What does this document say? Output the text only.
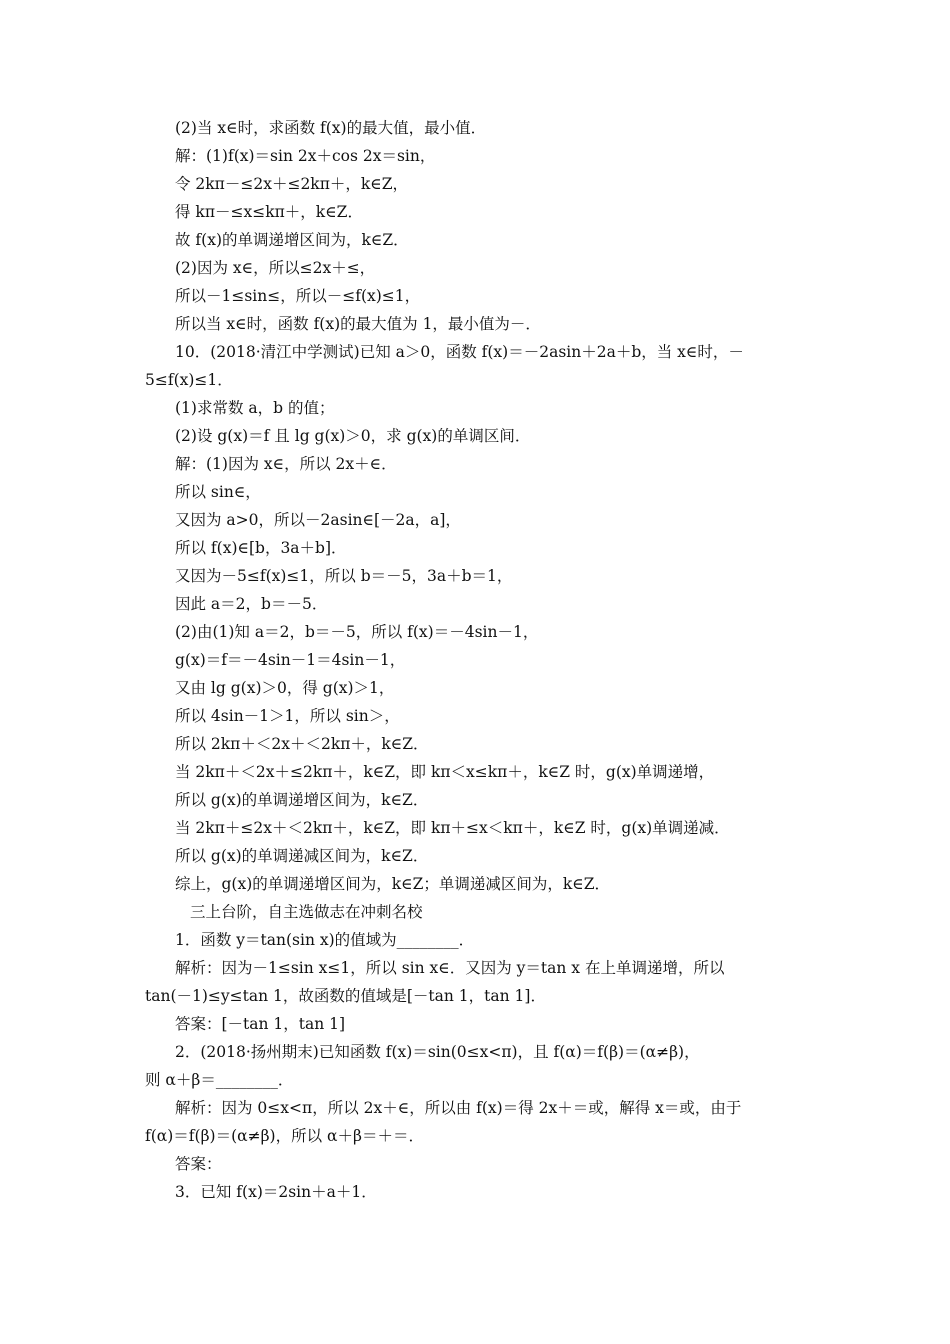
(2)当 x∈时，求函数 f(x)的最大值，最小值．
解：(1)f(x)＝sin 2x＋cos 2x＝sin，
令 2kπ－≤2x＋≤2kπ＋，k∈Z，
得 kπ－≤x≤kπ＋，k∈Z．
故 f(x)的单调递增区间为，k∈Z．
(2)因为 x∈，所以≤2x＋≤，
所以－1≤sin≤，所以－≤f(x)≤1，
所以当 x∈时，函数 f(x)的最大值为 1，最小值为－．
10．(2018·清江中学测试)已知 a＞0，函数 f(x)＝－2asin＋2a＋b，当 x∈时，－
5≤f(x)≤1．
(1)求常数 a，b 的值；
(2)设 g(x)＝f 且 lg g(x)＞0，求 g(x)的单调区间．
解：(1)因为 x∈，所以 2x＋∈．
所以 sin∈，
又因为 a>0，所以－2asin∈[－2a，a]，
所以 f(x)∈[b，3a＋b]．
又因为－5≤f(x)≤1，所以 b＝－5，3a＋b＝1，
因此 a＝2，b＝－5．
(2)由(1)知 a＝2，b＝－5，所以 f(x)＝－4sin－1，
g(x)＝f＝－4sin－1＝4sin－1，
又由 lg g(x)＞0，得 g(x)＞1，
所以 4sin－1＞1，所以 sin＞，
所以 2kπ＋＜2x＋＜2kπ＋，k∈Z．
当 2kπ＋＜2x＋≤2kπ＋，k∈Z，即 kπ＜x≤kπ＋，k∈Z 时，g(x)单调递增，
所以 g(x)的单调递增区间为，k∈Z．
当 2kπ＋≤2x＋＜2kπ＋，k∈Z，即 kπ＋≤x＜kπ＋，k∈Z 时，g(x)单调递减．
所以 g(x)的单调递减区间为，k∈Z．
综上，g(x)的单调递增区间为，k∈Z；单调递减区间为，k∈Z．
三上台阶，自主选做志在冲刺名校
1．函数 y＝tan(sin x)的值域为________．
解析：因为－1≤sin x≤1，所以 sin x∈．又因为 y＝tan x 在上单调递增，所以
tan(－1)≤y≤tan 1，故函数的值域是[－tan 1，tan 1]．
答案：[－tan 1，tan 1]
2．(2018·扬州期末)已知函数 f(x)＝sin(0≤x<π)，且 f(α)＝f(β)＝(α≠β)，
则 α＋β＝________．
解析：因为 0≤x<π，所以 2x＋∈，所以由 f(x)＝得 2x＋＝或，解得 x＝或，由于
f(α)＝f(β)＝(α≠β)，所以 α＋β＝＋＝．
答案：
3．已知 f(x)＝2sin＋a＋1．
